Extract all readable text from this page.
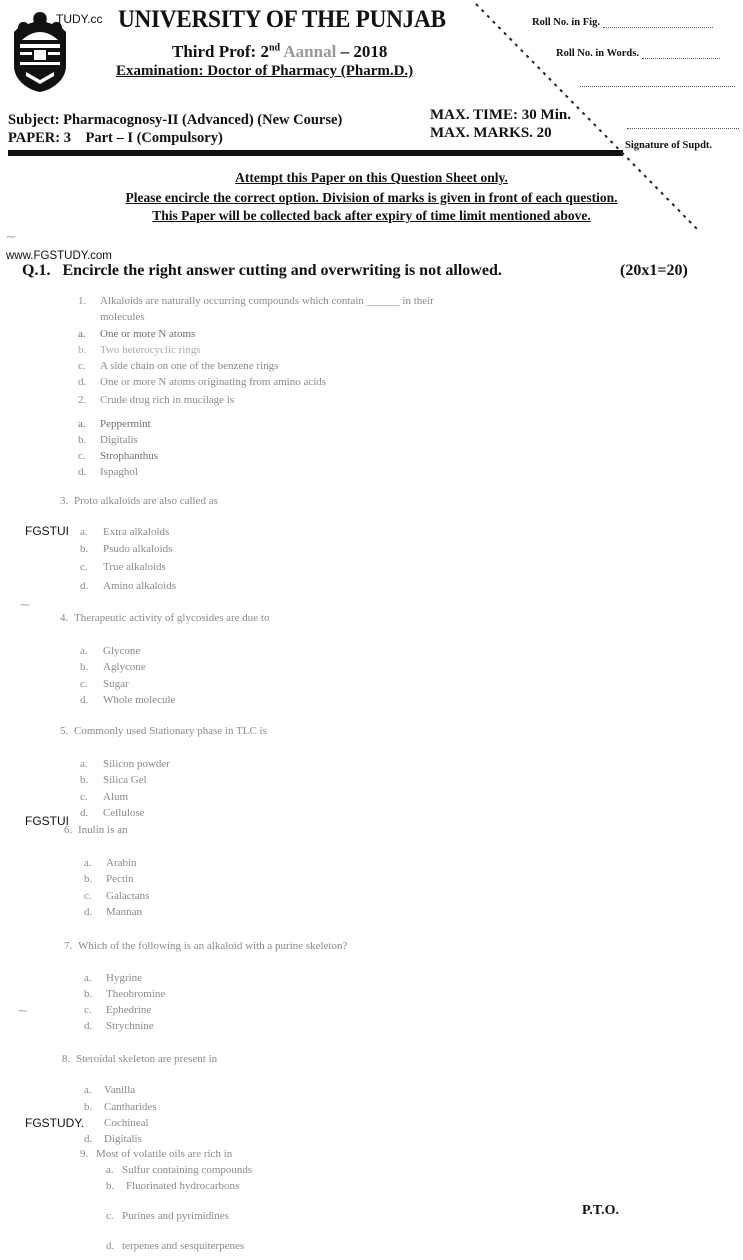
TUDY.cc UNIVERSITY OF THE PUNJAB
Third Prof: 2nd Aannal – 2018
Examination: Doctor of Pharmacy (Pharm.D.)
Subject: Pharmacognosy-II (Advanced) (New Course)
PAPER: 3    Part – I (Compulsory)
MAX. TIME: 30 Min.
MAX. MARKS. 20
Roll No. in Fig.
Roll No. in Words.
Signature of Supdt.
Attempt this Paper on this Question Sheet only.
Please encircle the correct option. Division of marks is given in front of each question.
This Paper will be collected back after expiry of time limit mentioned above.
⁓
www.FGSTUDY.com
Q.1. Encircle the right answer cutting and overwriting is not allowed.	(20x1=20)
1. Alkaloids are naturally occurring compounds which contain ______ in their
molecules
a. One or more N atoms
b. Two heterocyclic rings
c. A side chain on one of the benzene rings
d. One or more N atoms originating from amino acids
2. Crude drug rich in mucilage is
a. Peppermint
b. Digitalis
c. Strophanthus
d. Ispaghol
3. Proto alkaloids are also called as
FGSTUI a. Extra alkaloids
b. Psudo alkaloids
c. True alkaloids
d. Amino alkaloids
⁓
4. Therapeutic activity of glycosides are due to
a. Glycone
b. Aglycone
c. Sugar
d. Whole molecule
5. Commonly used Stationary phase in TLC is
a. Silicon powder
b. Silica Gel
c. Alum
FGSTUI
d. Cellulose
6. Inulin is an
a. Arabin
b. Pectin
c. Galactans
d. Mannan
7. Which of the following is an alkaloid with a purine skeleton?
a. Hygrine
b. Theobromine
⁓	c. Ephedrine
d. Strychnine
8. Steroidal skeleton are present in
a. Vanilla
b. Cantharides
FGSTUDY. Cochineal
d. Digitalis
9. Most of volatile oils are rich in
a. Sulfur containing compounds
b. Fluorinated hydrocarbons
c. Purines and pyrimidines
d. terpenes and sesquiterpenes
P.T.O.
